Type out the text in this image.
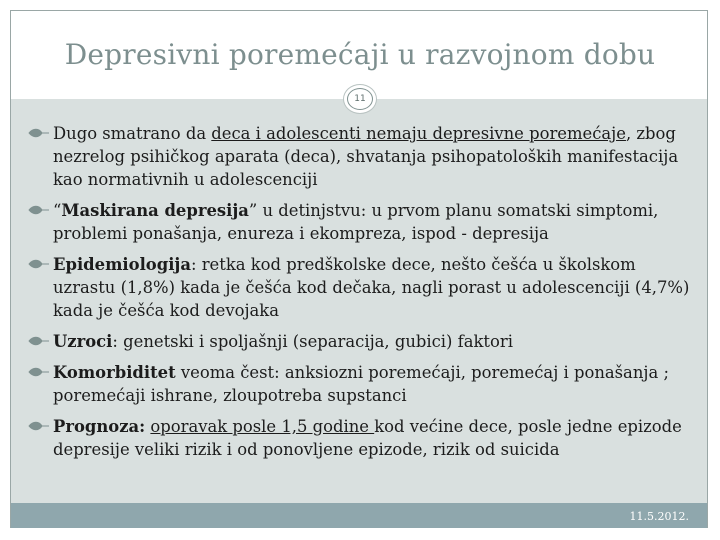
Depresivni poremećaji u razvojnom dobu
11
Dugo smatrano da deca i adolescenti nemaju depresivne poremećaje, zbog nezrelog psihičkog aparata (deca), shvatanja psihopatoloških manifestacija kao normativnih u adolescenciji
“Maskirana depresija” u detinjstvu: u prvom planu somatski simptomi, problemi ponašanja, enureza i ekompreza, ispod - depresija
Epidemiologija: retka kod predškolske dece, nešto češća u školskom uzrastu (1,8%) kada je češća kod dečaka, nagli porast u adolescenciji (4,7%) kada je češća kod devojaka
Uzroci: genetski i spoljašnji (separacija, gubici) faktori
Komorbiditet veoma čest: anksiozni poremećaji, poremećaj i ponašanja ; poremećaji ishrane, zloupotreba supstanci
Prognoza: oporavak posle 1,5 godine kod većine dece, posle jedne epizode depresije veliki rizik i od ponovljene epizode, rizik od suicida
11.5.2012.
